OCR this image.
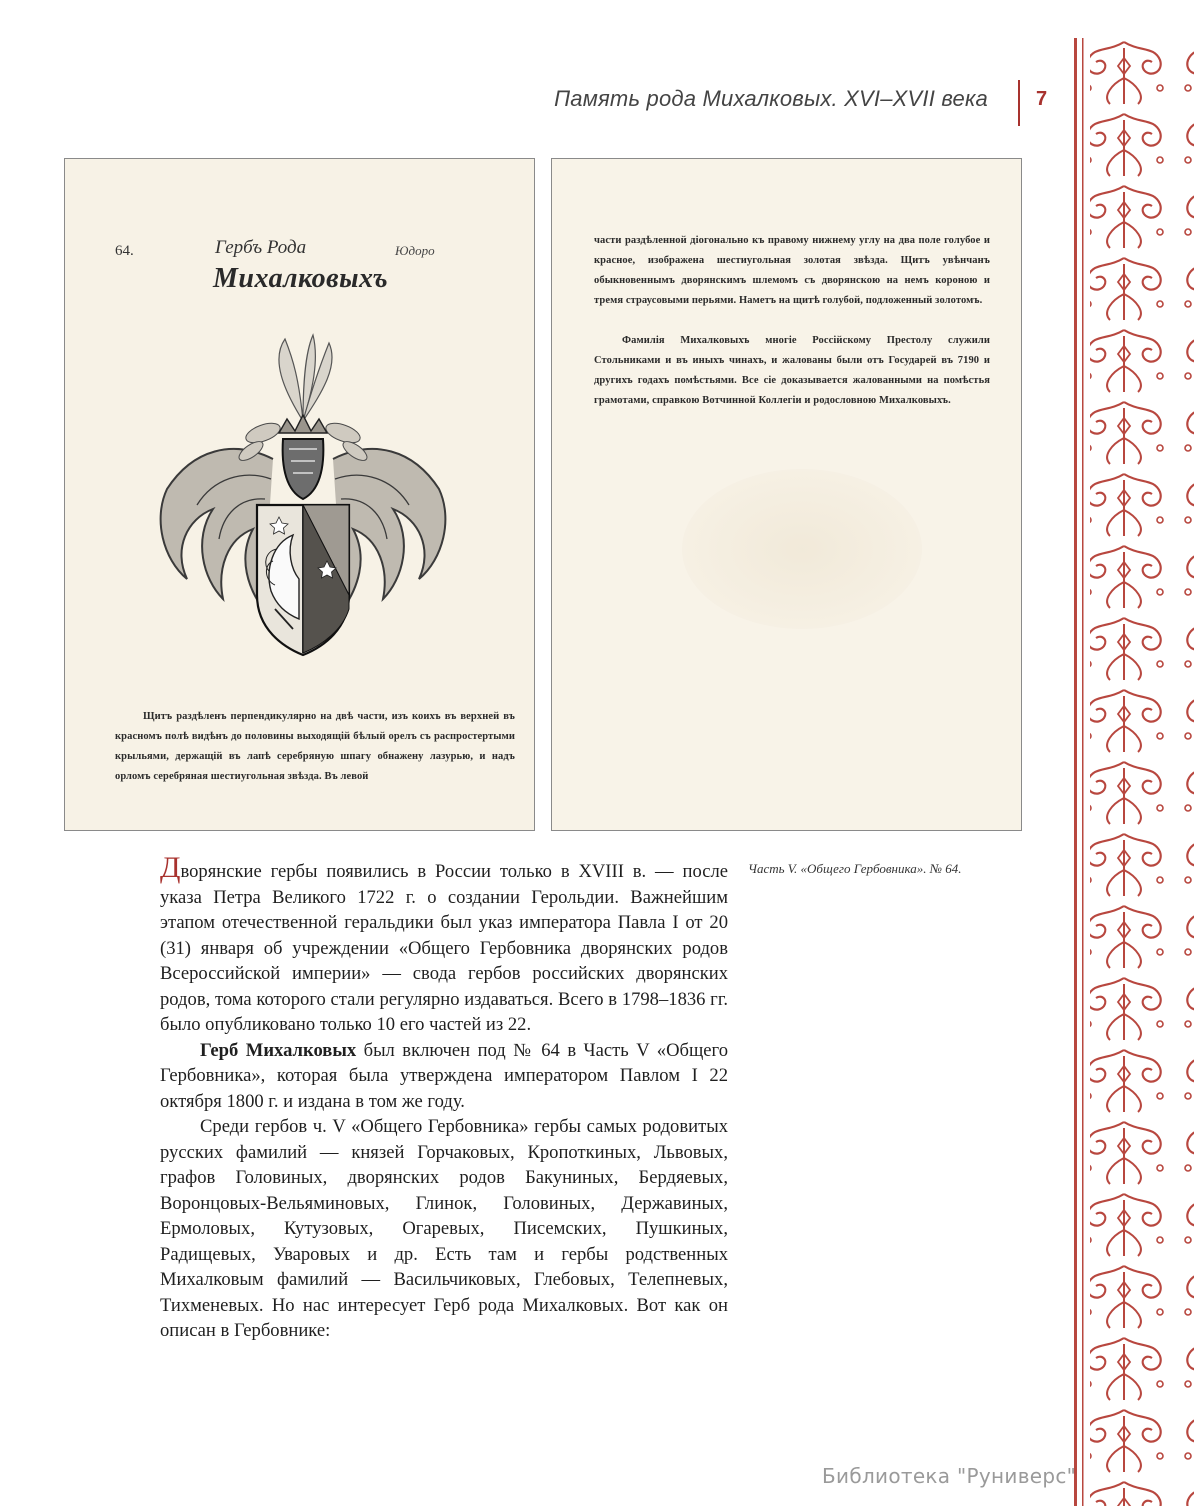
Память рода Михалковых. XVI–XVII века 7
64.	Гербъ Рода	Юдоро
Михалковыхъ
Щитъ раздѣленъ перпендикулярно на двѣ части, изъ коихъ въ верхней въ красномъ полѣ видѣнъ до половины выходящiй бѣлый орелъ съ распростертыми крыльями, держащiй въ лапѣ серебряную шпагу обнажену лазурью, и надъ орломъ серебряная шестиугольная звѣзда. Въ левой
части раздѣленной дiогонально къ правому нижнему углу на два поле голубое и красное, изображена шестиугольная золотая звѣзда. Щитъ увѣнчанъ обыкновеннымъ дворянскимъ шлемомъ съ дворянскою на немъ короною и тремя страусовыми перьями. Наметъ на щитѣ голубой, подложенный золотомъ.
Фамилiя Михалковыхъ многiе Россiйскому Престолу служили Стольниками и въ иныхъ чинахъ, и жалованы были отъ Государей въ 7190 и другихъ годахъ помѣстьями. Все сiе доказывается жалованными на помѣстья грамотами, справкою Вотчинной Коллегiи и родословною Михалковыхъ.
Часть V. «Общего Гербовника». № 64.

Дворянские гербы появились в России только в XVIII в. — после указа Петра Великого 1722 г. о создании Герольдии. Важнейшим этапом отечественной геральдики был указ императора Павла I от 20 (31) января об учреждении «Общего Гербовника дворянских родов Всероссийской империи» — свода гербов российских дворянских родов, тома которого стали регулярно издаваться. Всего в 1798–1836 гг. было опубликовано только 10 его частей из 22.

Герб Михалковых был включен под № 64 в Часть V «Общего Гербовника», которая была утверждена императором Павлом I 22 октября 1800 г. и издана в том же году.

Среди гербов ч. V «Общего Гербовника» гербы самых родовитых русских фамилий — князей Горчаковых, Кропоткиных, Львовых, графов Головиных, дворянских родов Бакуниных, Бердяевых, Воронцовых-Вельяминовых, Глинок, Головиных, Державиных, Ермоловых, Кутузовых, Огаревых, Писемских, Пушкиных, Радищевых, Уваровых и др. Есть там и гербы родственных Михалковым фамилий — Васильчиковых, Глебовых, Телепневых, Тихменевых. Но нас интересует Герб рода Михалковых. Вот как он описан в Гербовнике:

Библиотека "Руниверс"
